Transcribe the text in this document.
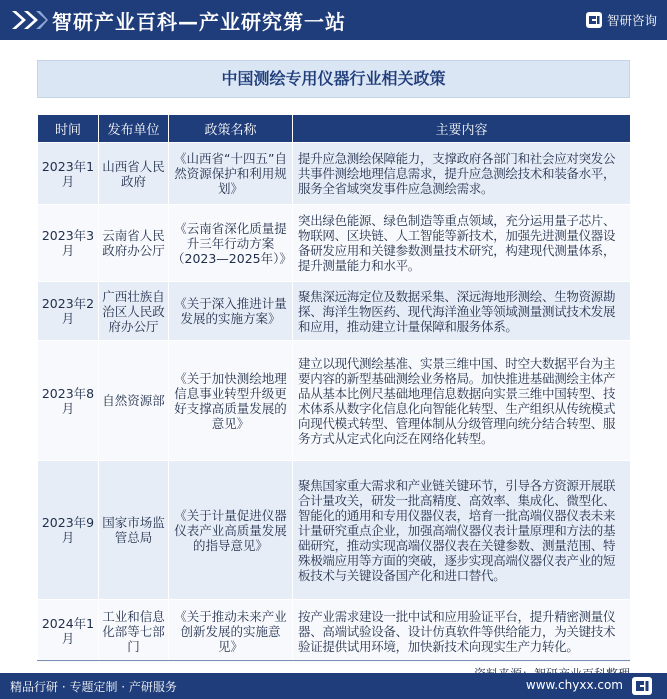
智研产业百科—产业研究第一站	智研咨询
中国测绘专用仪器行业相关政策
时间	发布单位	政策名称	主要内容
2023年1月	山西省人民政府	《山西省“十四五”自然资源保护和利用规划》	提升应急测绘保障能力，支撑政府各部门和社会应对突发公共事件测绘地理信息需求，提升应急测绘技术和装备水平，服务全省域突发事件应急测绘需求。
2023年3月	云南省人民政府办公厅	《云南省深化质量提升三年行动方案（2023—2025年）》	突出绿色能源、绿色制造等重点领域，充分运用量子芯片、物联网、区块链、人工智能等新技术，加强先进测量仪器设备研发应用和关键参数测量技术研究，构建现代测量体系，提升测量能力和水平。
2023年2月	广西壮族自治区人民政府办公厅	《关于深入推进计量发展的实施方案》	聚焦深远海定位及数据采集、深远海地形测绘、生物资源勘探、海洋生物医药、现代海洋渔业等领域测量测试技术发展和应用，推动建立计量保障和服务体系。
2023年8月	自然资源部	《关于加快测绘地理信息事业转型升级更好支撑高质量发展的意见》	建立以现代测绘基准、实景三维中国、时空大数据平台为主要内容的新型基础测绘业务格局。加快推进基础测绘主体产品从基本比例尺基础地理信息数据向实景三维中国转型、技术体系从数字化信息化向智能化转型、生产组织从传统模式向现代模式转型、管理体制从分级管理向统分结合转型、服务方式从定式化向泛在网络化转型。
2023年9月	国家市场监管总局	《关于计量促进仪器仪表产业高质量发展的指导意见》	聚焦国家重大需求和产业链关键环节，引导各方资源开展联合计量攻关，研发一批高精度、高效率、集成化、微型化、智能化的通用和专用仪器仪表，培育一批高端仪器仪表未来计量研究重点企业，加强高端仪器仪表计量原理和方法的基础研究，推动实现高端仪器仪表在关键参数、测量范围、特殊极端应用等方面的突破，逐步实现高端仪器仪表产业的短板技术与关键设备国产化和进口替代。
2024年1月	工业和信息化部等七部门	《关于推动未来产业创新发展的实施意见》	按产业需求建设一批中试和应用验证平台，提升精密测量仪器、高端试验设备、设计仿真软件等供给能力，为关键技术验证提供试用环境，加快新技术向现实生产力转化。
精品行研 · 专题定制 · 产研服务	www.chyxx.com
